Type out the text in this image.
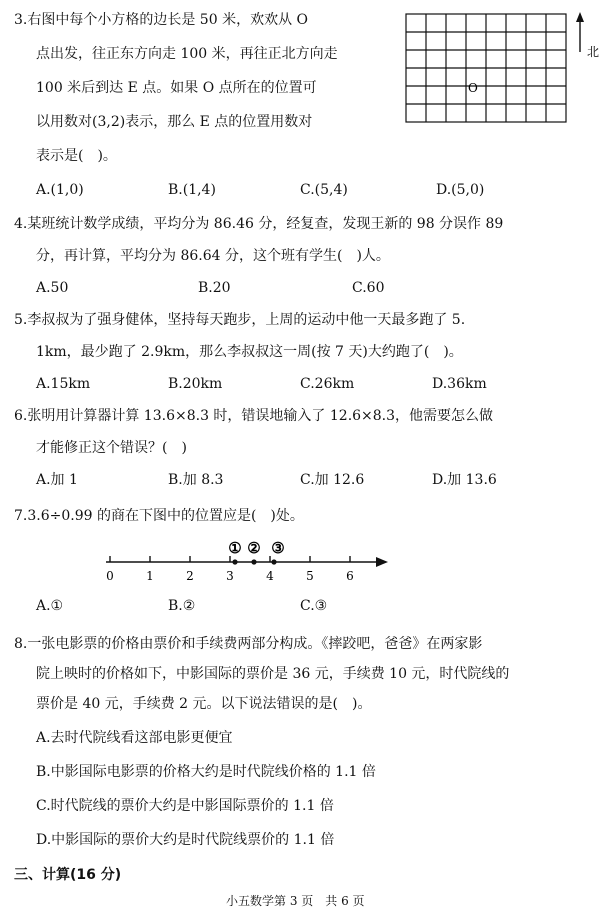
3.右图中每个小方格的边长是 50 米，欢欢从 O
点出发，往正东方向走 100 米，再往正北方向走
100 米后到达 E 点。如果 O 点所在的位置可
以用数对(3,2)表示，那么 E 点的位置用数对
表示是(　)。
O
北
A.(1,0)	B.(1,4)	C.(5,4)	D.(5,0)
4.某班统计数学成绩，平均分为 86.46 分，经复查，发现王新的 98 分误作 89
分，再计算，平均分为 86.64 分，这个班有学生(　)人。
A.50	B.20	C.60
5.李叔叔为了强身健体，坚持每天跑步，上周的运动中他一天最多跑了 5.
1km，最少跑了 2.9km，那么李叔叔这一周(按 7 天)大约跑了(　)。
A.15km	B.20km	C.26km	D.36km
6.张明用计算器计算 13.6×8.3 时，错误地输入了 12.6×8.3，他需要怎么做
才能修正这个错误？(　)
A.加 1	B.加 8.3	C.加 12.6	D.加 13.6
7.3.6÷0.99 的商在下图中的位置应是(　)处。
0	1	2	3	4	5	6
① ② ③
A.①	B.②	C.③
8.一张电影票的价格由票价和手续费两部分构成。《摔跤吧，爸爸》在两家影
院上映时的价格如下，中影国际的票价是 36 元，手续费 10 元，时代院线的
票价是 40 元，手续费 2 元。以下说法错误的是(　)。
A.去时代院线看这部电影更便宜
B.中影国际电影票的价格大约是时代院线价格的 1.1 倍
C.时代院线的票价大约是中影国际票价的 1.1 倍
D.中影国际的票价大约是时代院线票价的 1.1 倍
三、计算(16 分)
小五数学第 3 页　共 6 页
